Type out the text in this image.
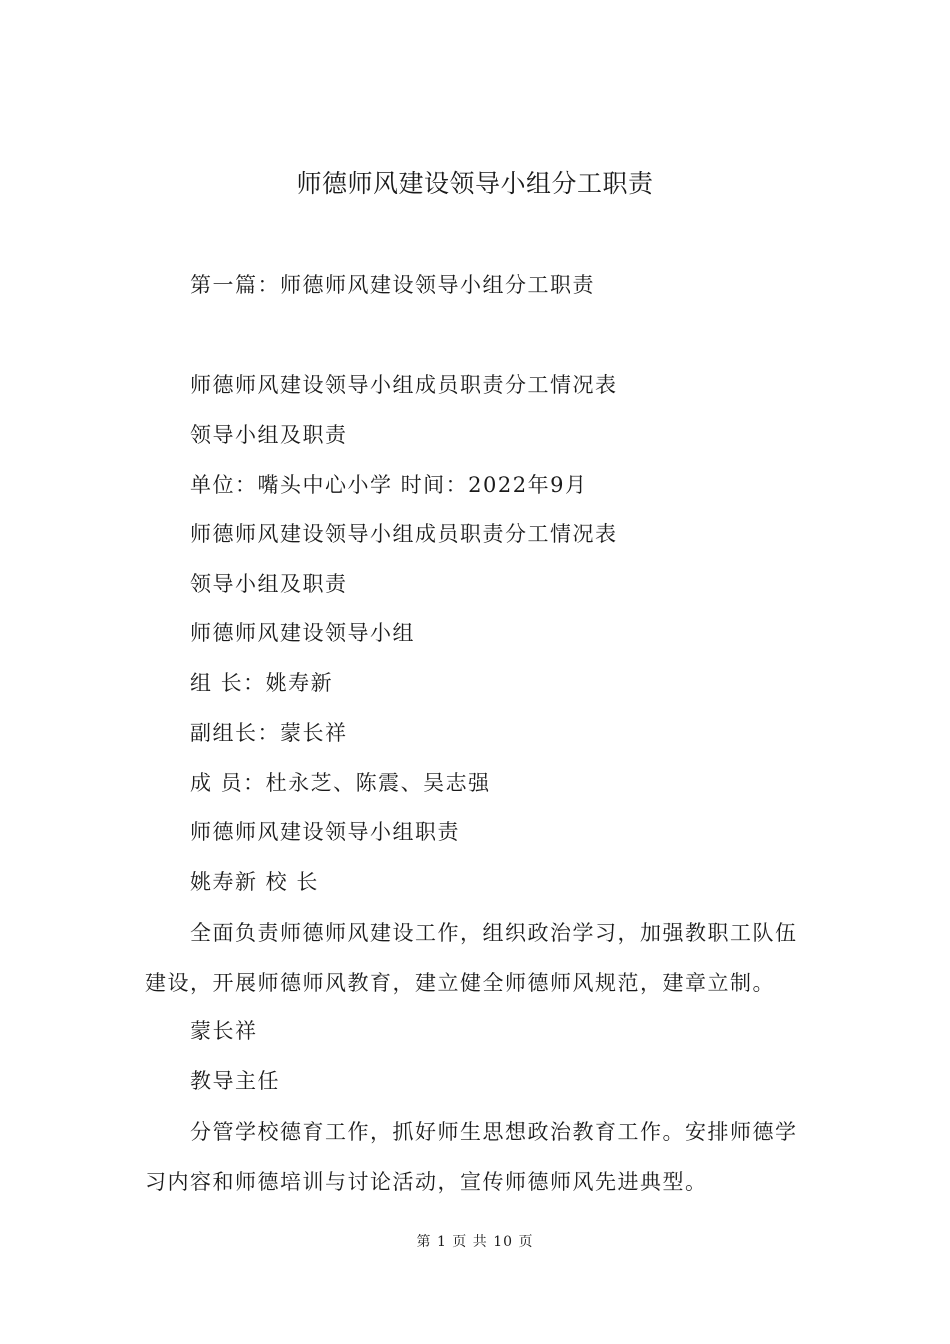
师德师风建设领导小组分工职责

第一篇：师德师风建设领导小组分工职责

师德师风建设领导小组成员职责分工情况表

领导小组及职责

单位：嘴头中心小学 时间：2022年9月

师德师风建设领导小组成员职责分工情况表

领导小组及职责

师德师风建设领导小组

组 长：姚寿新

副组长：蒙长祥

成 员：杜永芝、陈震、吴志强

师德师风建设领导小组职责

姚寿新 校 长

全面负责师德师风建设工作，组织政治学习，加强教职工队伍建设，开展师德师风教育，建立健全师德师风规范，建章立制。

蒙长祥

教导主任

分管学校德育工作，抓好师生思想政治教育工作。安排师德学习内容和师德培训与讨论活动，宣传师德师风先进典型。

第 1 页 共 10 页
